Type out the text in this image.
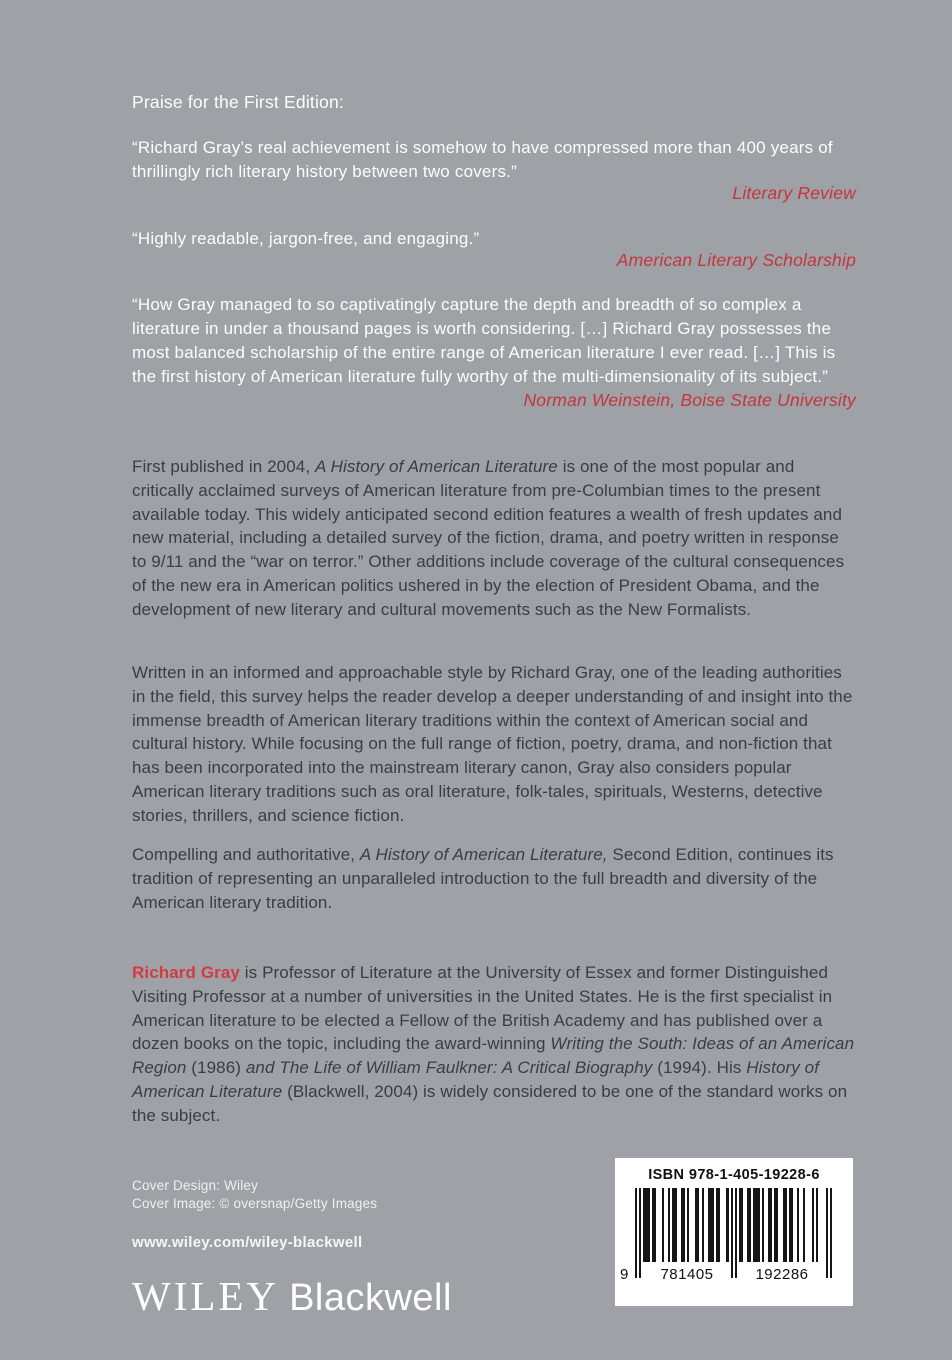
Praise for the First Edition:
“Richard Gray’s real achievement is somehow to have compressed more than 400 years of thrillingly rich literary history between two covers.”
Literary Review
“Highly readable, jargon-free, and engaging.”
American Literary Scholarship
“How Gray managed to so captivatingly capture the depth and breadth of so complex a literature in under a thousand pages is worth considering. […] Richard Gray possesses the most balanced scholarship of the entire range of American literature I ever read. […] This is the first history of American literature fully worthy of the multi-dimensionality of its subject.”
Norman Weinstein, Boise State University
First published in 2004, A History of American Literature is one of the most popular and critically acclaimed surveys of American literature from pre-Columbian times to the present available today. This widely anticipated second edition features a wealth of fresh updates and new material, including a detailed survey of the fiction, drama, and poetry written in response to 9/11 and the “war on terror.” Other additions include coverage of the cultural consequences of the new era in American politics ushered in by the election of President Obama, and the development of new literary and cultural movements such as the New Formalists.
Written in an informed and approachable style by Richard Gray, one of the leading authorities in the field, this survey helps the reader develop a deeper understanding of and insight into the immense breadth of American literary traditions within the context of American social and cultural history. While focusing on the full range of fiction, poetry, drama, and non-fiction that has been incorporated into the mainstream literary canon, Gray also considers popular American literary traditions such as oral literature, folk-tales, spirituals, Westerns, detective stories, thrillers, and science fiction.
Compelling and authoritative, A History of American Literature, Second Edition, continues its tradition of representing an unparalleled introduction to the full breadth and diversity of the American literary tradition.
Richard Gray is Professor of Literature at the University of Essex and former Distinguished Visiting Professor at a number of universities in the United States. He is the first specialist in American literature to be elected a Fellow of the British Academy and has published over a dozen books on the topic, including the award-winning Writing the South: Ideas of an American Region (1986) and The Life of William Faulkner: A Critical Biography (1994). His History of American Literature (Blackwell, 2004) is widely considered to be one of the standard works on the subject.
Cover Design: Wiley
Cover Image: © oversnap/Getty Images
www.wiley.com/wiley-blackwell
WILEY Blackwell
ISBN 978-1-405-19228-6
9	781405	192286
